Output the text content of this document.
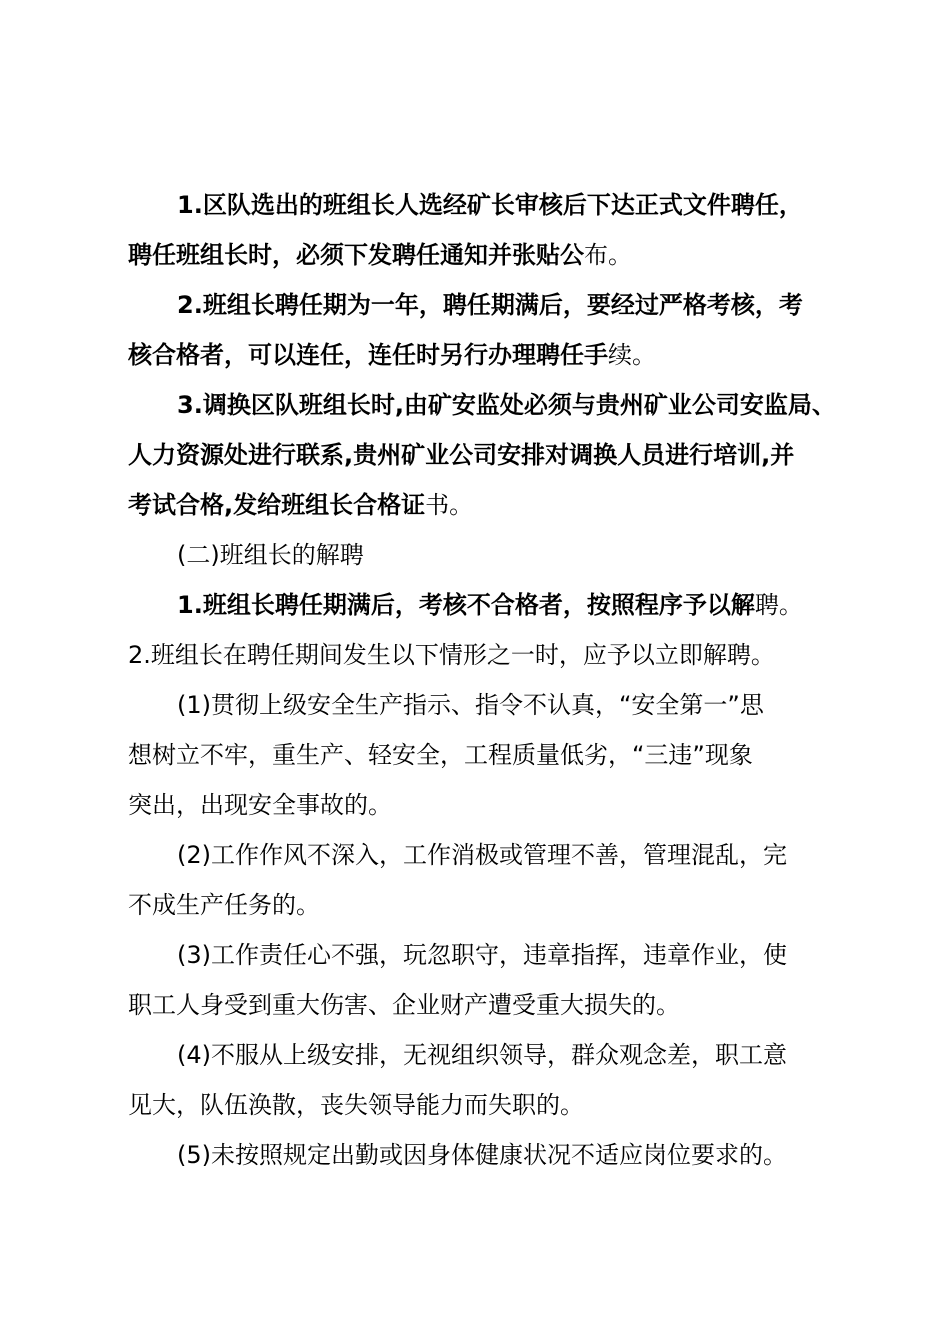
1.区队选出的班组长人选经矿长审核后下达正式文件聘任，
聘任班组长时，必须下发聘任通知并张贴公布。
2.班组长聘任期为一年，聘任期满后，要经过严格考核，考
核合格者，可以连任，连任时另行办理聘任手续。
3.调换区队班组长时,由矿安监处必须与贵州矿业公司安监局、
人力资源处进行联系,贵州矿业公司安排对调换人员进行培训,并
考试合格,发给班组长合格证书。
(二)班组长的解聘
1.班组长聘任期满后，考核不合格者，按照程序予以解聘。
2.班组长在聘任期间发生以下情形之一时，应予以立即解聘。
(1)贯彻上级安全生产指示、指令不认真，“安全第一”思
想树立不牢，重生产、轻安全，工程质量低劣，“三违”现象
突出，出现安全事故的。
(2)工作作风不深入，工作消极或管理不善，管理混乱，完
不成生产任务的。
(3)工作责任心不强，玩忽职守，违章指挥，违章作业，使
职工人身受到重大伤害、企业财产遭受重大损失的。
(4)不服从上级安排，无视组织领导，群众观念差，职工意
见大，队伍涣散，丧失领导能力而失职的。
(5)未按照规定出勤或因身体健康状况不适应岗位要求的。
